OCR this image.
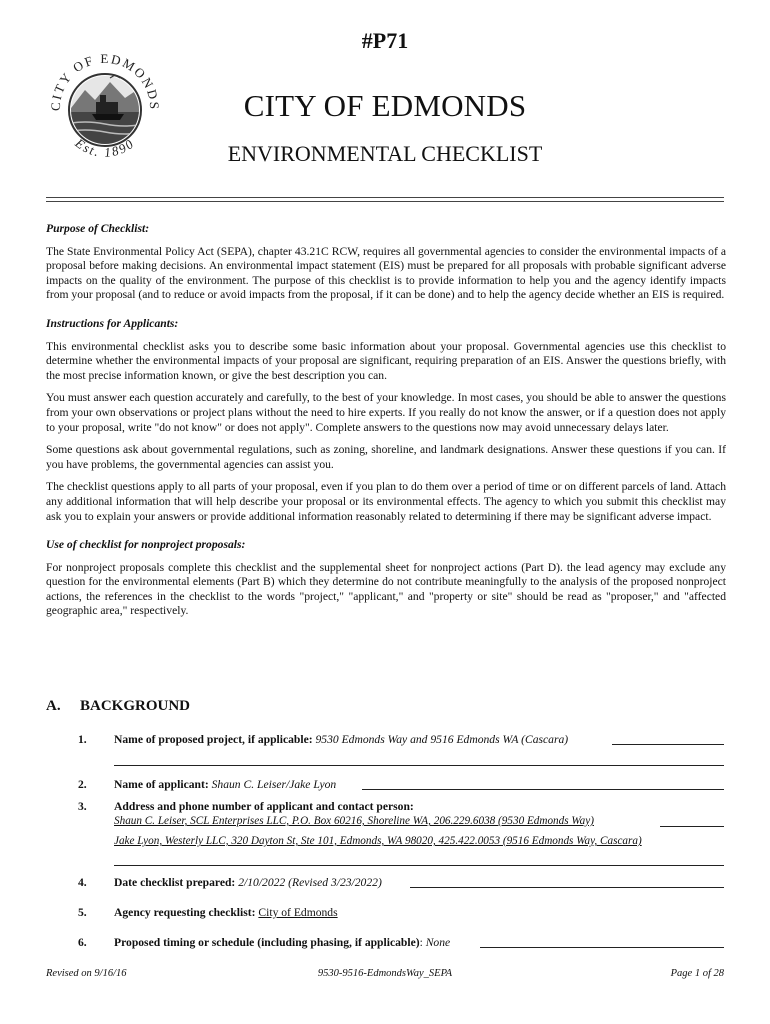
#P71
CITY OF EDMONDS
Est. 1890
CITY OF EDMONDS
ENVIRONMENTAL CHECKLIST
Purpose of Checklist:

The State Environmental Policy Act (SEPA), chapter 43.21C RCW, requires all governmental agencies to consider the environmental impacts of a proposal before making decisions. An environmental impact statement (EIS) must be prepared for all proposals with probable significant adverse impacts on the quality of the environment. The purpose of this checklist is to provide information to help you and the agency identify impacts from your proposal (and to reduce or avoid impacts from the proposal, if it can be done) and to help the agency decide whether an EIS is required.

Instructions for Applicants:

This environmental checklist asks you to describe some basic information about your proposal. Governmental agencies use this checklist to determine whether the environmental impacts of your proposal are significant, requiring preparation of an EIS. Answer the questions briefly, with the most precise information known, or give the best description you can.

You must answer each question accurately and carefully, to the best of your knowledge. In most cases, you should be able to answer the questions from your own observations or project plans without the need to hire experts. If you really do not know the answer, or if a question does not apply to your proposal, write "do not know" or does not apply". Complete answers to the questions now may avoid unnecessary delays later.

Some questions ask about governmental regulations, such as zoning, shoreline, and landmark designations. Answer these questions if you can. If you have problems, the governmental agencies can assist you.

The checklist questions apply to all parts of your proposal, even if you plan to do them over a period of time or on different parcels of land. Attach any additional information that will help describe your proposal or its environmental effects. The agency to which you submit this checklist may ask you to explain your answers or provide additional information reasonably related to determining if there may be significant adverse impact.

Use of checklist for nonproject proposals:

For nonproject proposals complete this checklist and the supplemental sheet for nonproject actions (Part D). the lead agency may exclude any question for the environmental elements (Part B) which they determine do not contribute meaningfully to the analysis of the proposed nonproject actions, the references in the checklist to the words "project," "applicant," and "property or site" should be read as "proposer," and "affected geographic area," respectively.

A. BACKGROUND
1. Name of proposed project, if applicable: 9530 Edmonds Way and 9516 Edmonds WA (Cascara)
2. Name of applicant: Shaun C. Leiser/Jake Lyon
3. Address and phone number of applicant and contact person:
Shaun C. Leiser, SCL Enterprises LLC, P.O. Box 60216, Shoreline WA, 206.229.6038 (9530 Edmonds Way)
Jake Lyon, Westerly LLC, 320 Dayton St, Ste 101, Edmonds, WA 98020, 425.422.0053 (9516 Edmonds Way, Cascara)
4. Date checklist prepared: 2/10/2022 (Revised 3/23/2022)
5. Agency requesting checklist: City of Edmonds
6. Proposed timing or schedule (including phasing, if applicable): None
Revised on 9/16/16	9530-9516-EdmondsWay_SEPA	Page 1 of 28
